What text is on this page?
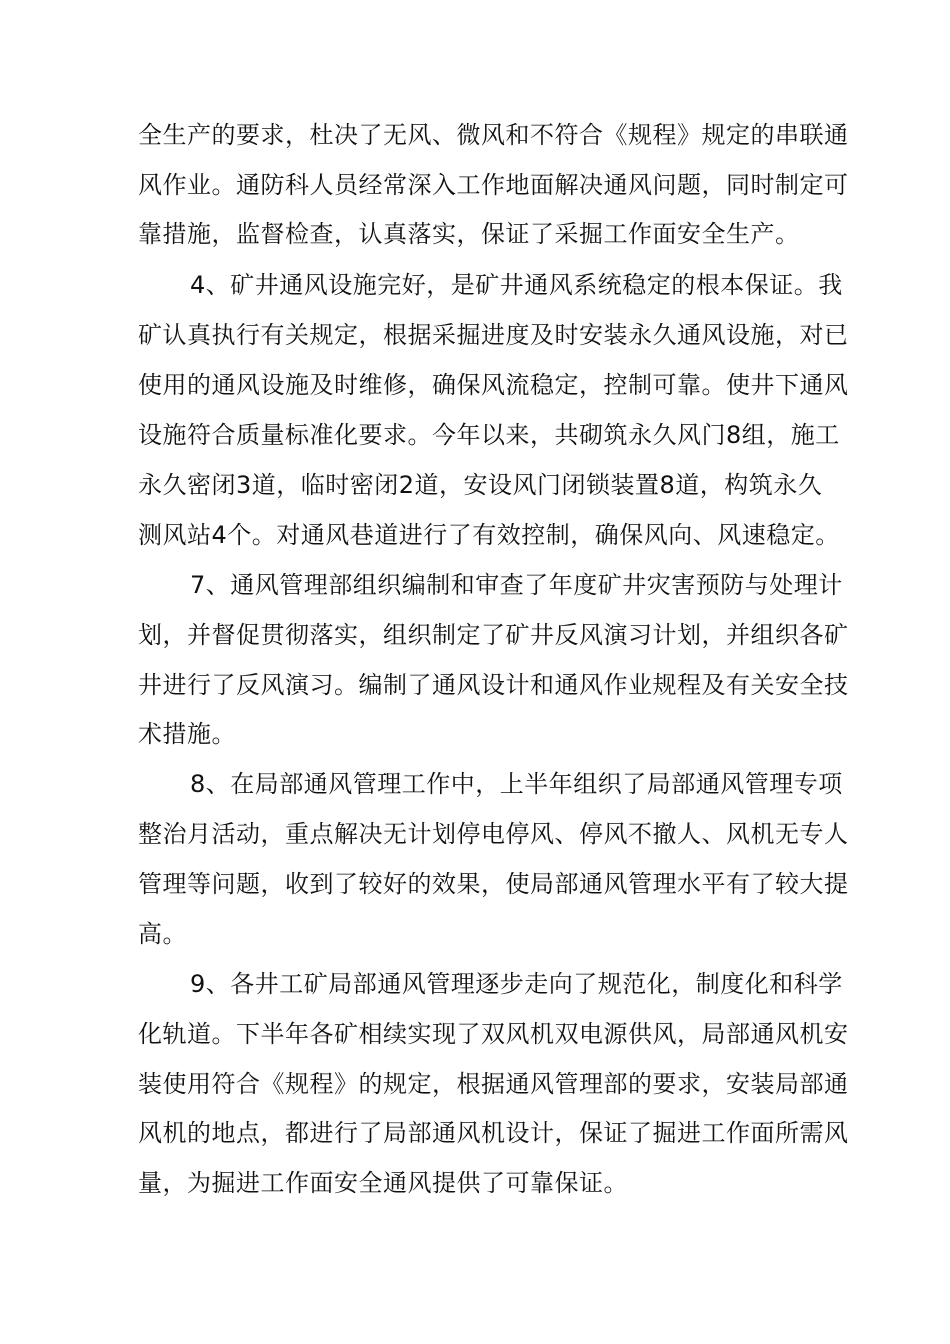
全生产的要求，杜决了无风、微风和不符合《规程》规定的串联通
风作业。通防科人员经常深入工作地面解决通风问题，同时制定可
靠措施，监督检查，认真落实，保证了采掘工作面安全生产。
4、矿井通风设施完好，是矿井通风系统稳定的根本保证。我
矿认真执行有关规定，根据采掘进度及时安装永久通风设施，对已
使用的通风设施及时维修，确保风流稳定，控制可靠。使井下通风
设施符合质量标准化要求。今年以来，共砌筑永久风门8组，施工
永久密闭3道，临时密闭2道，安设风门闭锁装置8道，构筑永久
测风站4个。对通风巷道进行了有效控制，确保风向、风速稳定。
7、通风管理部组织编制和审查了年度矿井灾害预防与处理计
划，并督促贯彻落实，组织制定了矿井反风演习计划，并组织各矿
井进行了反风演习。编制了通风设计和通风作业规程及有关安全技
术措施。
8、在局部通风管理工作中，上半年组织了局部通风管理专项
整治月活动，重点解决无计划停电停风、停风不撤人、风机无专人
管理等问题，收到了较好的效果，使局部通风管理水平有了较大提
高。
9、各井工矿局部通风管理逐步走向了规范化，制度化和科学
化轨道。下半年各矿相续实现了双风机双电源供风，局部通风机安
装使用符合《规程》的规定，根据通风管理部的要求，安装局部通
风机的地点，都进行了局部通风机设计，保证了掘进工作面所需风
量，为掘进工作面安全通风提供了可靠保证。
